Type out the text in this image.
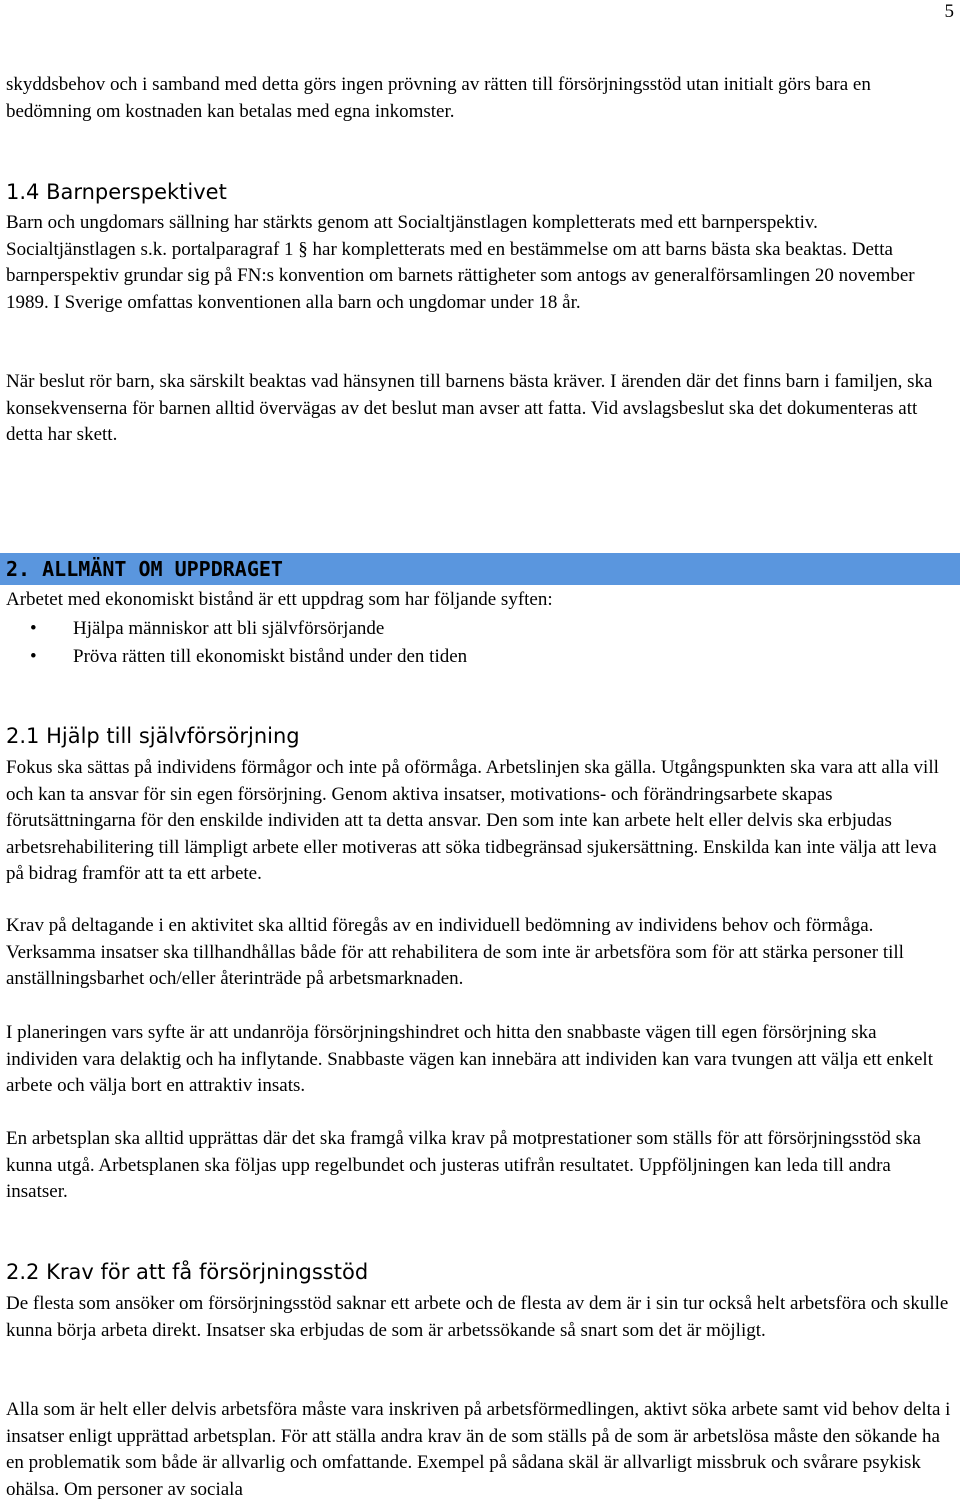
5

skyddsbehov och i samband med detta görs ingen prövning av rätten till försörjningsstöd utan initialt görs bara en bedömning om kostnaden kan betalas med egna inkomster.

1.4 Barnperspektivet

Barn och ungdomars sällning har stärkts genom att Socialtjänstlagen kompletterats med ett barnperspektiv. Socialtjänstlagen s.k. portalparagraf 1 § har kompletterats med en bestämmelse om att barns bästa ska beaktas. Detta barnperspektiv grundar sig på FN:s konvention om barnets rättigheter som antogs av generalförsamlingen 20 november 1989. I Sverige omfattas konventionen alla barn och ungdomar under 18 år.

När beslut rör barn, ska särskilt beaktas vad hänsynen till barnens bästa kräver. I ärenden där det finns barn i familjen, ska konsekvenserna för barnen alltid övervägas av det beslut man avser att fatta. Vid avslagsbeslut ska det dokumenteras att detta har skett.

2. ALLMÄNT OM UPPDRAGET

Arbetet med ekonomiskt bistånd är ett uppdrag som har följande syften:

• Hjälpa människor att bli självförsörjande
• Pröva rätten till ekonomiskt bistånd under den tiden
2.1 Hjälp till självförsörjning

Fokus ska sättas på individens förmågor och inte på oförmåga. Arbetslinjen ska gälla. Utgångspunkten ska vara att alla vill och kan ta ansvar för sin egen försörjning. Genom aktiva insatser, motivations- och förändringsarbete skapas förutsättningarna för den enskilde individen att ta detta ansvar. Den som inte kan arbete helt eller delvis ska erbjudas arbetsrehabilitering till lämpligt arbete eller motiveras att söka tidbegränsad sjukersättning. Enskilda kan inte välja att leva på bidrag framför att ta ett arbete.

Krav på deltagande i en aktivitet ska alltid föregås av en individuell bedömning av individens behov och förmåga. Verksamma insatser ska tillhandhållas både för att rehabilitera de som inte är arbetsföra som för att stärka personer till anställningsbarhet och/eller återinträde på arbetsmarknaden.

I planeringen vars syfte är att undanröja försörjningshindret och hitta den snabbaste vägen till egen försörjning ska individen vara delaktig och ha inflytande. Snabbaste vägen kan innebära att individen kan vara tvungen att välja ett enkelt arbete och välja bort en attraktiv insats.

En arbetsplan ska alltid upprättas där det ska framgå vilka krav på motprestationer som ställs för att försörjningsstöd ska kunna utgå. Arbetsplanen ska följas upp regelbundet och justeras utifrån resultatet. Uppföljningen kan leda till andra insatser.

2.2 Krav för att få försörjningsstöd

De flesta som ansöker om försörjningsstöd saknar ett arbete och de flesta av dem är i sin tur också helt arbetsföra och skulle kunna börja arbeta direkt. Insatser ska erbjudas de som är arbetssökande så snart som det är möjligt.

Alla som är helt eller delvis arbetsföra måste vara inskriven på arbetsförmedlingen, aktivt söka arbete samt vid behov delta i insatser enligt upprättad arbetsplan. För att ställa andra krav än de som ställs på de som är arbetslösa måste den sökande ha en problematik som både är allvarlig och omfattande. Exempel på sådana skäl är allvarligt missbruk och svårare psykisk ohälsa. Om personer av sociala
